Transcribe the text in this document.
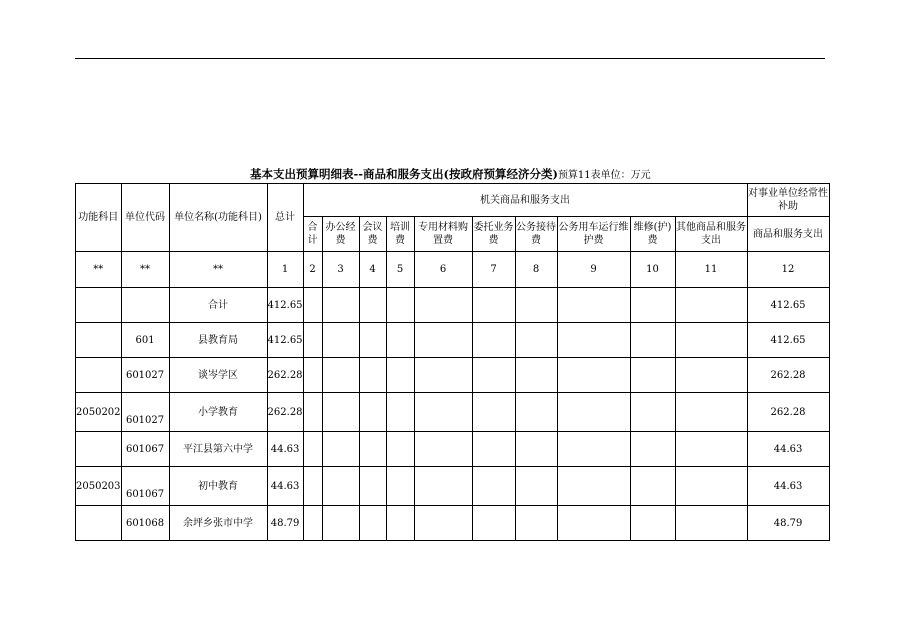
基本支出预算明细表--商品和服务支出(按政府预算经济分类)预算11表单位：万元
功能科目	单位代码	单位名称(功能科目)	总计	机关商品和服务支出										对事业单位经常性补助
				合计	办公经费	会议费	培训费	专用材料购置费	委托业务费	公务接待费	公务用车运行维护费	维修(护)费	其他商品和服务支出	商品和服务支出
**	**	**	1	2	3	4	5	6	7	8	9	10	11	12
		合计	412.65											412.65
	601	县教育局	412.65											412.65
	601027	谈岑学区	262.28											262.28
2050202	601027	小学教育	262.28											262.28
	601067	平江县第六中学	44.63											44.63
2050203	601067	初中教育	44.63											44.63
	601068	余坪乡张市中学	48.79											48.79
